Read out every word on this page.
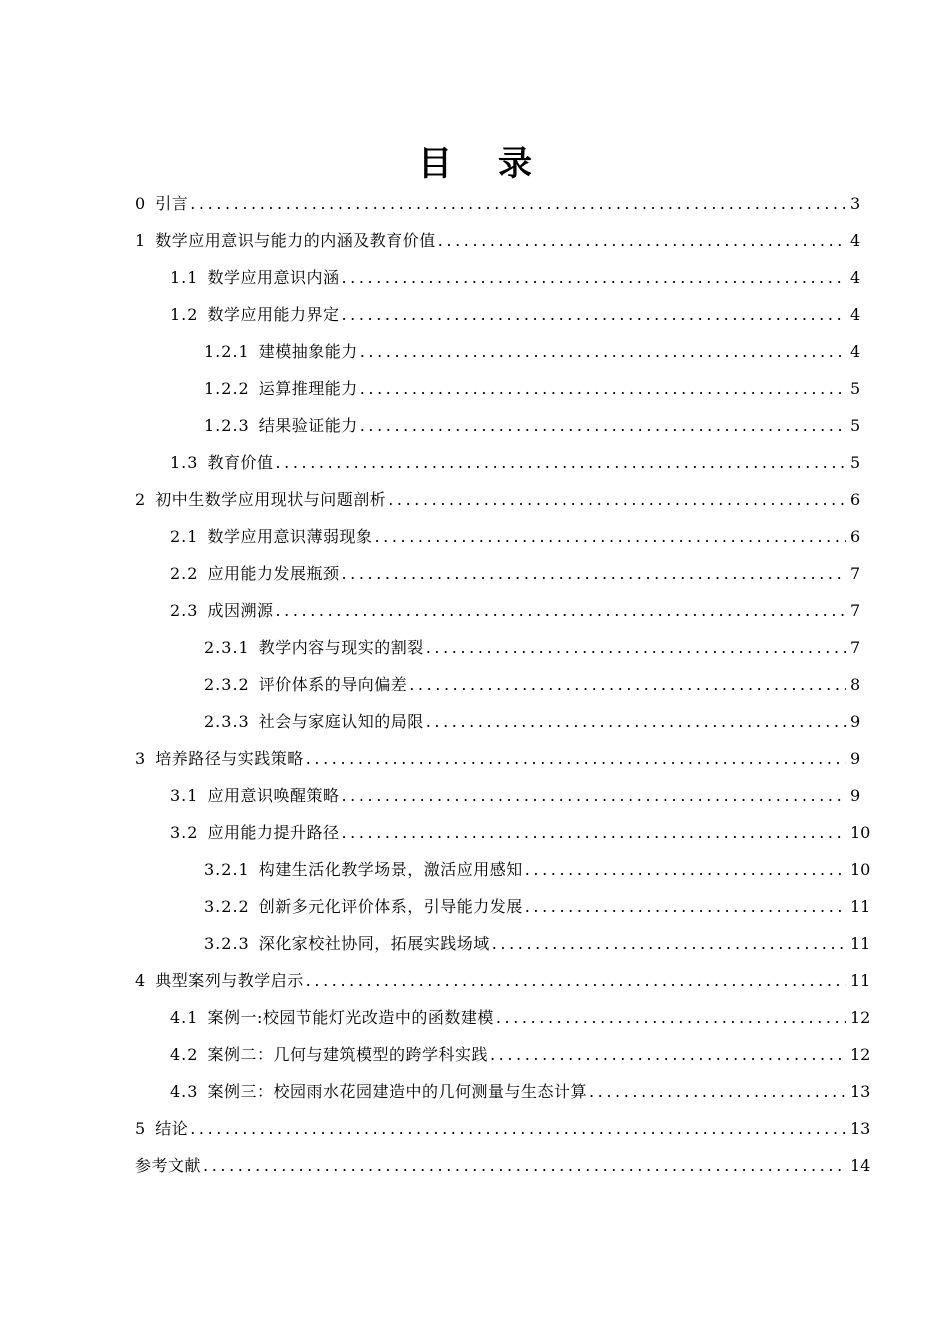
目 录
0 引言 .....	3
1 数学应用意识与能力的内涵及教育价值 .....	4
1.1 数学应用意识内涵 .....	4
1.2 数学应用能力界定 .....	4
1.2.1 建模抽象能力 .....	4
1.2.2 运算推理能力 .....	5
1.2.3 结果验证能力 .....	5
1.3 教育价值 .....	5
2 初中生数学应用现状与问题剖析 .....	6
2.1 数学应用意识薄弱现象 .....	6
2.2 应用能力发展瓶颈 .....	7
2.3 成因溯源 .....	7
2.3.1 教学内容与现实的割裂 .....	7
2.3.2 评价体系的导向偏差 .....	8
2.3.3 社会与家庭认知的局限 .....	9
3 培养路径与实践策略 .....	9
3.1 应用意识唤醒策略 .....	9
3.2 应用能力提升路径 .....	10
3.2.1 构建生活化教学场景，激活应用感知 .....	10
3.2.2 创新多元化评价体系，引导能力发展 .....	11
3.2.3 深化家校社协同，拓展实践场域 .....	11
4 典型案列与教学启示 .....	11
4.1 案例一:校园节能灯光改造中的函数建模 .....	12
4.2 案例二：几何与建筑模型的跨学科实践 .....	12
4.3 案例三：校园雨水花园建造中的几何测量与生态计算 .....	13
5 结论 .....	13
参考文献 .....	14
